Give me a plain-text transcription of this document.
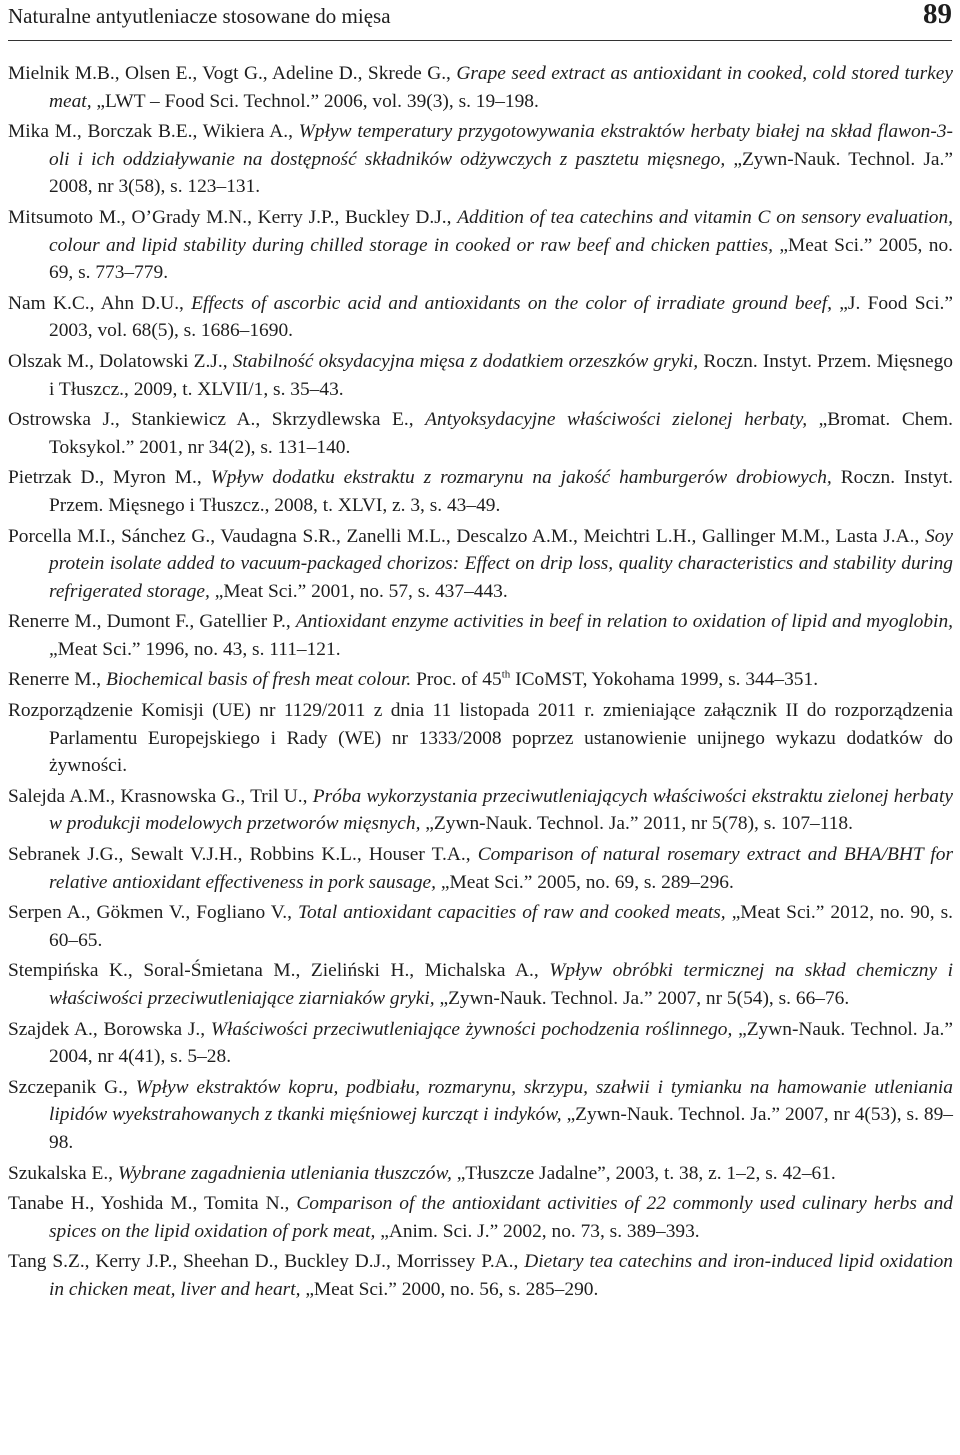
Naturalne antyutleniacze stosowane do mięsa	89

Mielnik M.B., Olsen E., Vogt G., Adeline D., Skrede G., Grape seed extract as antioxidant in cooked, cold stored turkey meat, „LWT – Food Sci. Technol.” 2006, vol. 39(3), s. 19–198.

Mika M., Borczak B.E., Wikiera A., Wpływ temperatury przygotowywania ekstraktów herbaty białej na skład flawon-3-oli i ich oddziaływanie na dostępność składników odżywczych z pasztetu mięsnego, „Zywn-Nauk. Technol. Ja.” 2008, nr 3(58), s. 123–131.

Mitsumoto M., O’Grady M.N., Kerry J.P., Buckley D.J., Addition of tea catechins and vitamin C on sensory evaluation, colour and lipid stability during chilled storage in cooked or raw beef and chicken patties, „Meat Sci.” 2005, no. 69, s. 773–779.

Nam K.C., Ahn D.U., Effects of ascorbic acid and antioxidants on the color of irradiate ground beef, „J. Food Sci.” 2003, vol. 68(5), s. 1686–1690.

Olszak M., Dolatowski Z.J., Stabilność oksydacyjna mięsa z dodatkiem orzeszków gryki, Roczn. Instyt. Przem. Mięsnego i Tłuszcz., 2009, t. XLVII/1, s. 35–43.

Ostrowska J., Stankiewicz A., Skrzydlewska E., Antyoksydacyjne właściwości zielonej herbaty, „Bromat. Chem. Toksykol.” 2001, nr 34(2), s. 131–140.

Pietrzak D., Myron M., Wpływ dodatku ekstraktu z rozmarynu na jakość hamburgerów drobiowych, Roczn. Instyt. Przem. Mięsnego i Tłuszcz., 2008, t. XLVI, z. 3, s. 43–49.

Porcella M.I., Sánchez G., Vaudagna S.R., Zanelli M.L., Descalzo A.M., Meichtri L.H., Gallinger M.M., Lasta J.A., Soy protein isolate added to vacuum-packaged chorizos: Effect on drip loss, quality characteristics and stability during refrigerated storage, „Meat Sci.” 2001, no. 57, s. 437–443.

Renerre M., Dumont F., Gatellier P., Antioxidant enzyme activities in beef in relation to oxidation of lipid and myoglobin, „Meat Sci.” 1996, no. 43, s. 111–121.

Renerre M., Biochemical basis of fresh meat colour. Proc. of 45th ICoMST, Yokohama 1999, s. 344–351.

Rozporządzenie Komisji (UE) nr 1129/2011 z dnia 11 listopada 2011 r. zmieniające załącznik II do rozporządzenia Parlamentu Europejskiego i Rady (WE) nr 1333/2008 poprzez ustanowienie unijnego wykazu dodatków do żywności.

Salejda A.M., Krasnowska G., Tril U., Próba wykorzystania przeciwutleniających właściwości ekstraktu zielonej herbaty w produkcji modelowych przetworów mięsnych, „Zywn-Nauk. Technol. Ja.” 2011, nr 5(78), s. 107–118.

Sebranek J.G., Sewalt V.J.H., Robbins K.L., Houser T.A., Comparison of natural rosemary extract and BHA/BHT for relative antioxidant effectiveness in pork sausage, „Meat Sci.” 2005, no. 69, s. 289–296.

Serpen A., Gökmen V., Fogliano V., Total antioxidant capacities of raw and cooked meats, „Meat Sci.” 2012, no. 90, s. 60–65.

Stempińska K., Soral-Śmietana M., Zieliński H., Michalska A., Wpływ obróbki termicznej na skład chemiczny i właściwości przeciwutleniające ziarniaków gryki, „Zywn-Nauk. Technol. Ja.” 2007, nr 5(54), s. 66–76.

Szajdek A., Borowska J., Właściwości przeciwutleniające żywności pochodzenia roślinnego, „Zywn-Nauk. Technol. Ja.” 2004, nr 4(41), s. 5–28.

Szczepanik G., Wpływ ekstraktów kopru, podbiału, rozmarynu, skrzypu, szałwii i tymianku na hamowanie utleniania lipidów wyekstrahowanych z tkanki mięśniowej kurcząt i indyków, „Zywn-Nauk. Technol. Ja.” 2007, nr 4(53), s. 89–98.

Szukalska E., Wybrane zagadnienia utleniania tłuszczów, „Tłuszcze Jadalne”, 2003, t. 38, z. 1–2, s. 42–61.

Tanabe H., Yoshida M., Tomita N., Comparison of the antioxidant activities of 22 commonly used culinary herbs and spices on the lipid oxidation of pork meat, „Anim. Sci. J.” 2002, no. 73, s. 389–393.

Tang S.Z., Kerry J.P., Sheehan D., Buckley D.J., Morrissey P.A., Dietary tea catechins and iron-induced lipid oxidation in chicken meat, liver and heart, „Meat Sci.” 2000, no. 56, s. 285–290.
